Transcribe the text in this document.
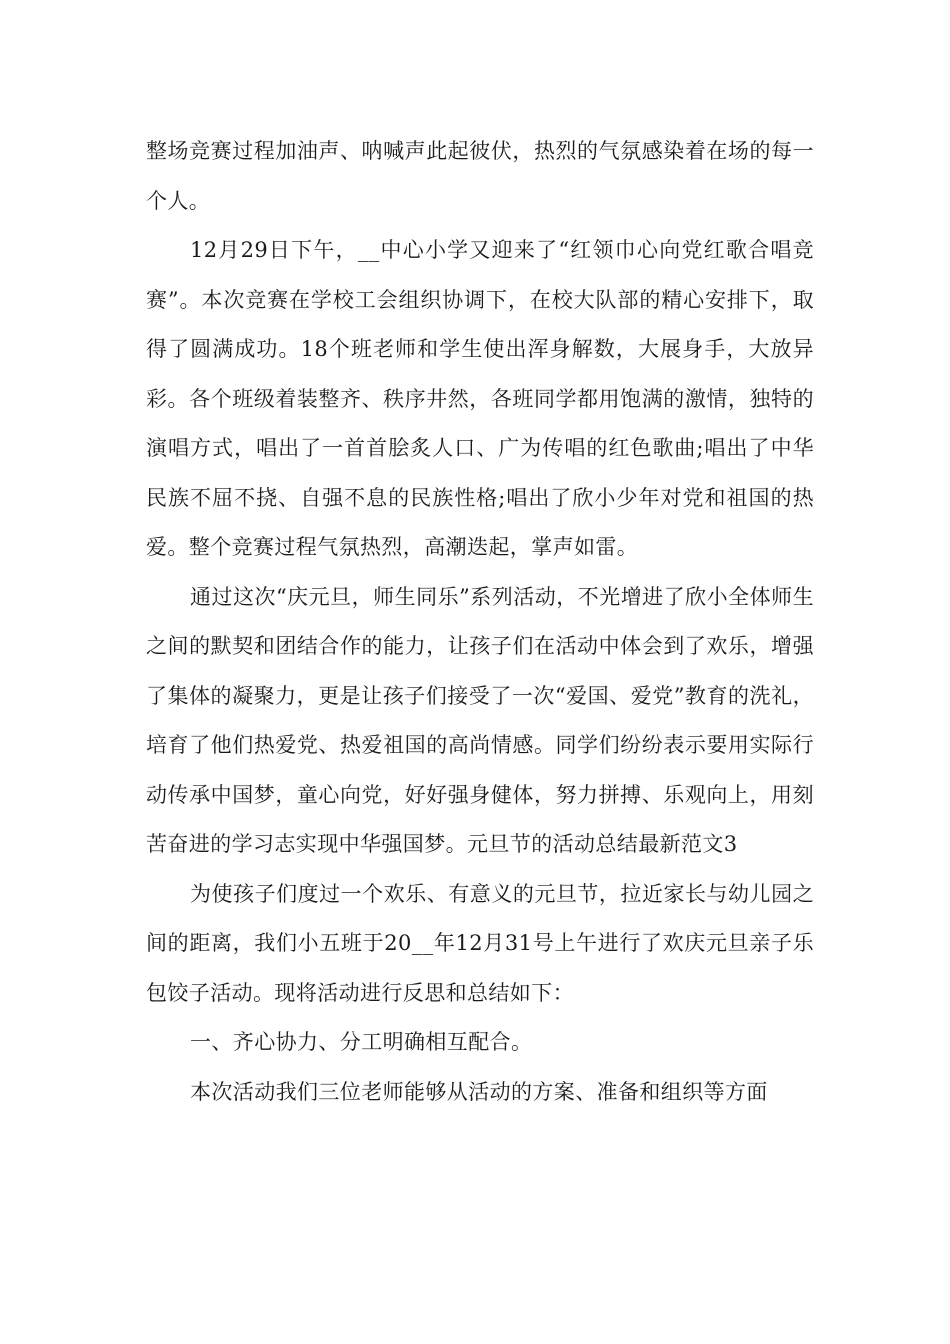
整场竞赛过程加油声、呐喊声此起彼伏，热烈的气氛感染着在场的每一个人。

12月29日下午，__中心小学又迎来了“红领巾心向党红歌合唱竞赛”。本次竞赛在学校工会组织协调下，在校大队部的精心安排下，取得了圆满成功。18个班老师和学生使出浑身解数，大展身手，大放异彩。各个班级着装整齐、秩序井然，各班同学都用饱满的激情，独特的演唱方式，唱出了一首首脍炙人口、广为传唱的红色歌曲;唱出了中华民族不屈不挠、自强不息的民族性格;唱出了欣小少年对党和祖国的热爱。整个竞赛过程气氛热烈，高潮迭起，掌声如雷。

通过这次“庆元旦，师生同乐”系列活动，不光增进了欣小全体师生之间的默契和团结合作的能力，让孩子们在活动中体会到了欢乐，增强了集体的凝聚力，更是让孩子们接受了一次“爱国、爱党”教育的洗礼，培育了他们热爱党、热爱祖国的高尚情感。同学们纷纷表示要用实际行动传承中国梦，童心向党，好好强身健体，努力拼搏、乐观向上，用刻苦奋进的学习志实现中华强国梦。元旦节的活动总结最新范文3

为使孩子们度过一个欢乐、有意义的元旦节，拉近家长与幼儿园之间的距离，我们小五班于20__年12月31号上午进行了欢庆元旦亲子乐包饺子活动。现将活动进行反思和总结如下：

一、齐心协力、分工明确相互配合。

本次活动我们三位老师能够从活动的方案、准备和组织等方面
